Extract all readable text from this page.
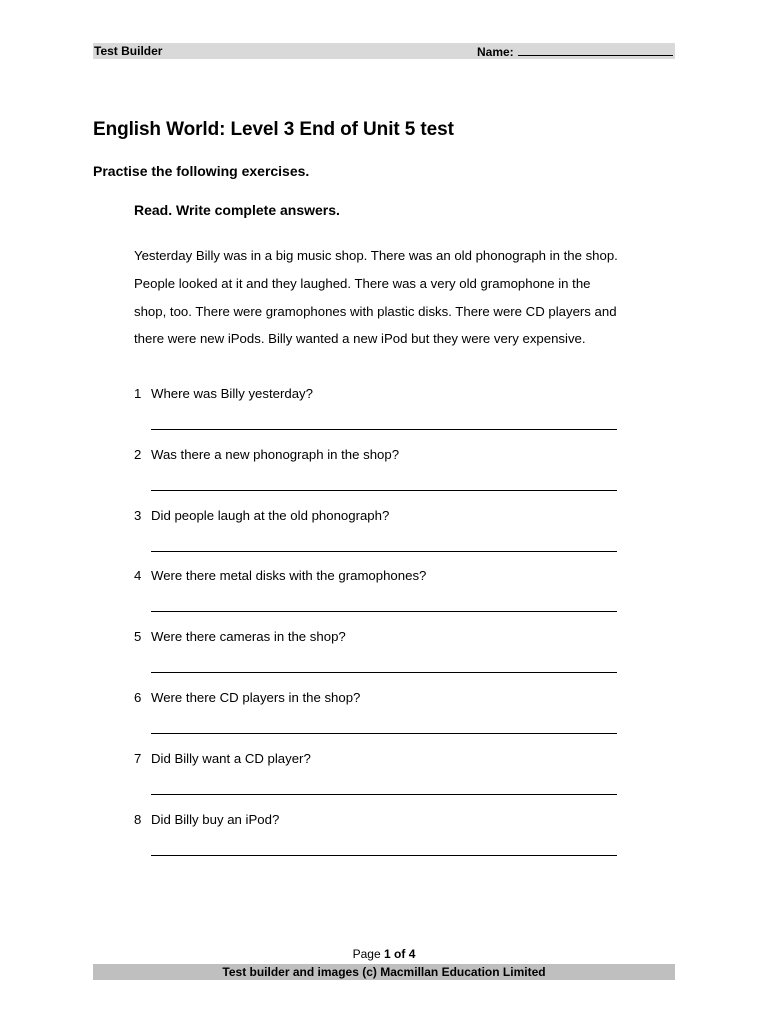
Test Builder	Name:
English World: Level 3 End of Unit 5 test
Practise the following exercises.
Read. Write complete answers.
Yesterday Billy was in a big music shop. There was an old phonograph in the shop. People looked at it and they laughed. There was a very old gramophone in the shop, too. There were gramophones with plastic disks. There were CD players and there were new iPods. Billy wanted a new iPod but they were very expensive.
1 Where was Billy yesterday?
2 Was there a new phonograph in the shop?
3 Did people laugh at the old phonograph?
4 Were there metal disks with the gramophones?
5 Were there cameras in the shop?
6 Were there CD players in the shop?
7 Did Billy want a CD player?
8 Did Billy buy an iPod?
Page 1 of 4
Test builder and images (c) Macmillan Education Limited
